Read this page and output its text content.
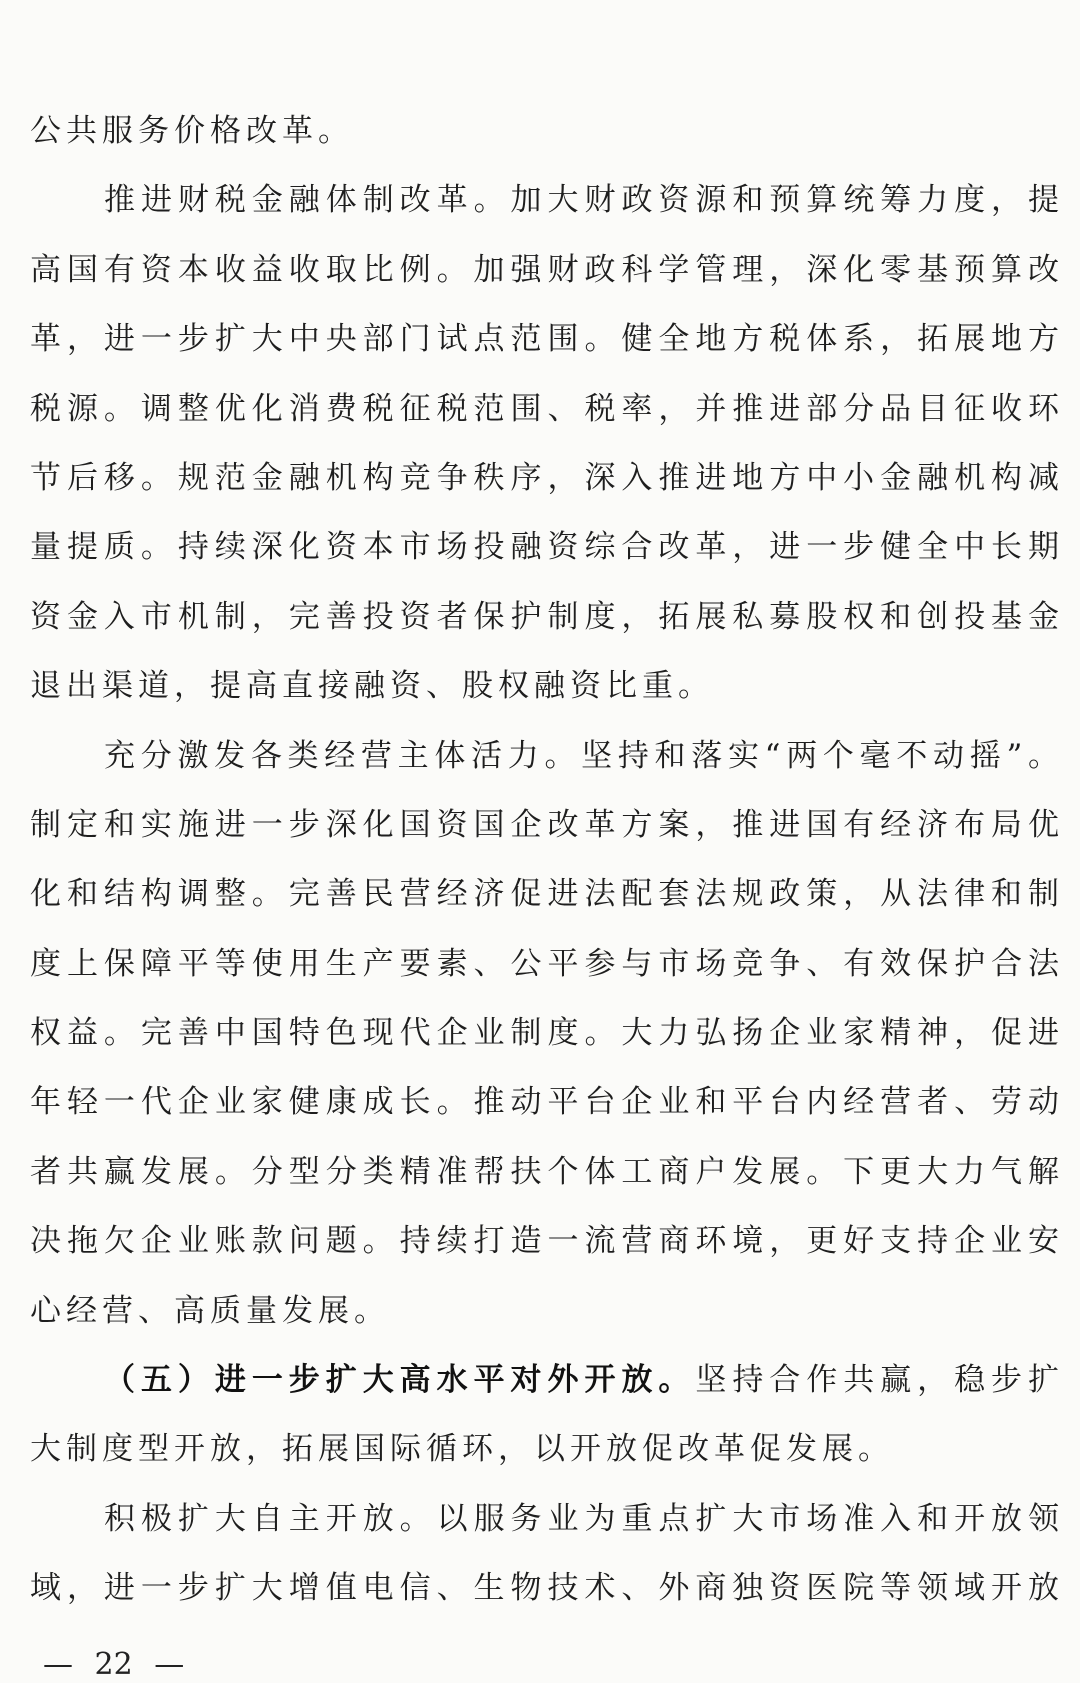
公共服务价格改革。
推进财税金融体制改革。加大财政资源和预算统筹力度，提
高国有资本收益收取比例。加强财政科学管理，深化零基预算改
革，进一步扩大中央部门试点范围。健全地方税体系，拓展地方
税源。调整优化消费税征税范围、税率，并推进部分品目征收环
节后移。规范金融机构竞争秩序，深入推进地方中小金融机构减
量提质。持续深化资本市场投融资综合改革，进一步健全中长期
资金入市机制，完善投资者保护制度，拓展私募股权和创投基金
退出渠道，提高直接融资、股权融资比重。
充分激发各类经营主体活力。坚持和落实“两个毫不动摇”。
制定和实施进一步深化国资国企改革方案，推进国有经济布局优
化和结构调整。完善民营经济促进法配套法规政策，从法律和制
度上保障平等使用生产要素、公平参与市场竞争、有效保护合法
权益。完善中国特色现代企业制度。大力弘扬企业家精神，促进
年轻一代企业家健康成长。推动平台企业和平台内经营者、劳动
者共赢发展。分型分类精准帮扶个体工商户发展。下更大力气解
决拖欠企业账款问题。持续打造一流营商环境，更好支持企业安
心经营、高质量发展。
（五）进一步扩大高水平对外开放。坚持合作共赢，稳步扩
大制度型开放，拓展国际循环，以开放促改革促发展。
积极扩大自主开放。以服务业为重点扩大市场准入和开放领
域，进一步扩大增值电信、生物技术、外商独资医院等领域开放
— 22 —
